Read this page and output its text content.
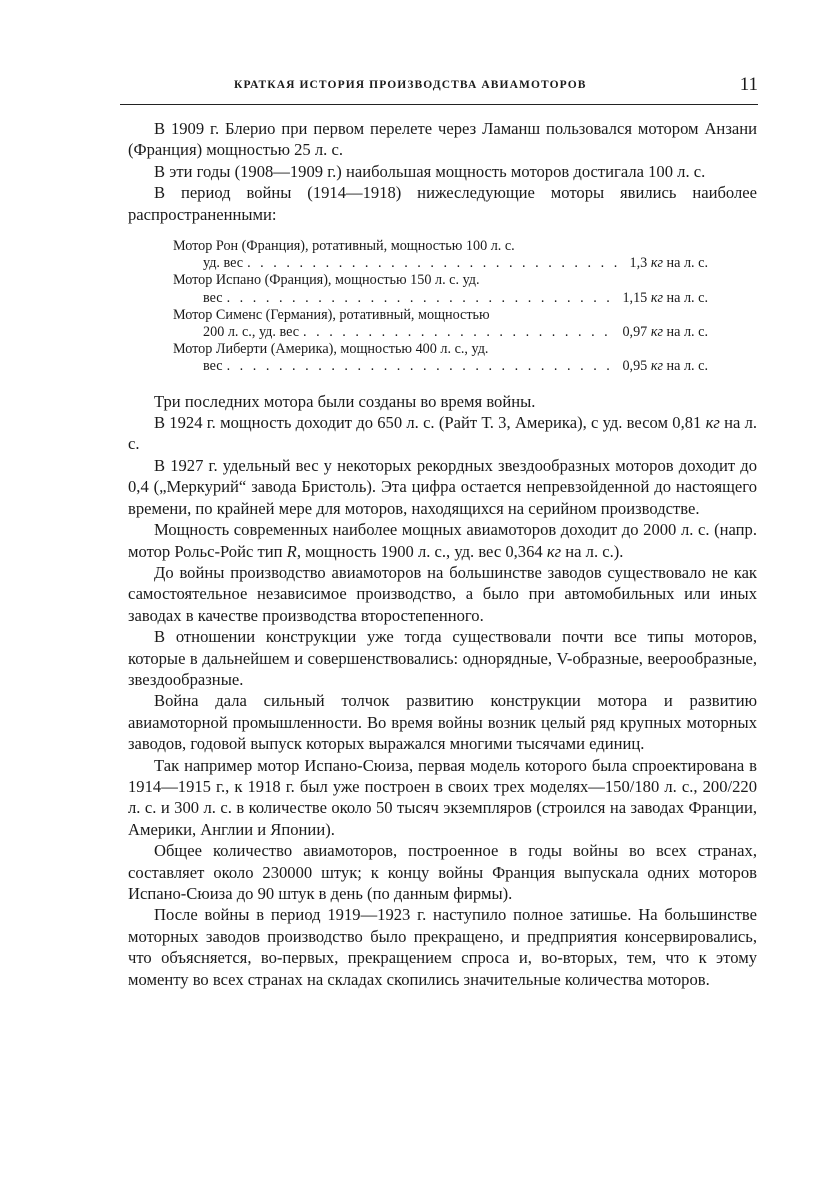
КРАТКАЯ ИСТОРИЯ ПРОИЗВОДСТВА АВИАМОТОРОВ	11

В 1909 г. Блерио при первом перелете через Ламанш пользовался мотором Анзани (Франция) мощностью 25 л. с.

В эти годы (1908—1909 г.) наибольшая мощность моторов достигала 100 л. с.

В период войны (1914—1918) нижеследующие моторы явились наиболее распространенными:

Мотор Рон (Франция), ротативный, мощностью 100 л. с.
уд. вес . . .	1,3 кг на л. с.
Мотор Испано (Франция), мощностью 150 л. с. уд.
вес . . .	1,15 кг на л. с.
Мотор Сименс (Германия), ротативный, мощностью
200 л. с., уд. вес . . .	0,97 кг на л. с.
Мотор Либерти (Америка), мощностью 400 л. с., уд.
вес . . .	0,95 кг на л. с.

Три последних мотора были созданы во время войны.

В 1924 г. мощность доходит до 650 л. с. (Райт Т. 3, Америка), с уд. весом 0,81 кг на л. с.

В 1927 г. удельный вес у некоторых рекордных звездообразных моторов доходит до 0,4 („Меркурий“ завода Бристоль). Эта цифра остается непревзойденной до настоящего времени, по крайней мере для моторов, находящихся на серийном производстве.

Мощность современных наиболее мощных авиамоторов доходит до 2000 л. с. (напр. мотор Рольс-Ройс тип R, мощность 1900 л. с., уд. вес 0,364 кг на л. с.).

До войны производство авиамоторов на большинстве заводов существовало не как самостоятельное независимое производство, а было при автомобильных или иных заводах в качестве производства второстепенного.

В отношении конструкции уже тогда существовали почти все типы моторов, которые в дальнейшем и совершенствовались: однорядные, V-образные, веерообразные, звездообразные.

Война дала сильный толчок развитию конструкции мотора и развитию авиамоторной промышленности. Во время войны возник целый ряд крупных моторных заводов, годовой выпуск которых выражался многими тысячами единиц.

Так например мотор Испано-Сюиза, первая модель которого была спроектирована в 1914—1915 г., к 1918 г. был уже построен в своих трех моделях—150/180 л. с., 200/220 л. с. и 300 л. с. в количестве около 50 тысяч экземпляров (строился на заводах Франции, Америки, Англии и Японии).

Общее количество авиамоторов, построенное в годы войны во всех странах, составляет около 230000 штук; к концу войны Франция выпускала одних моторов Испано-Сюиза до 90 штук в день (по данным фирмы).

После войны в период 1919—1923 г. наступило полное затишье. На большинстве моторных заводов производство было прекращено, и предприятия консервировались, что объясняется, во-первых, прекращением спроса и, во-вторых, тем, что к этому моменту во всех странах на складах скопились значительные количества моторов.
